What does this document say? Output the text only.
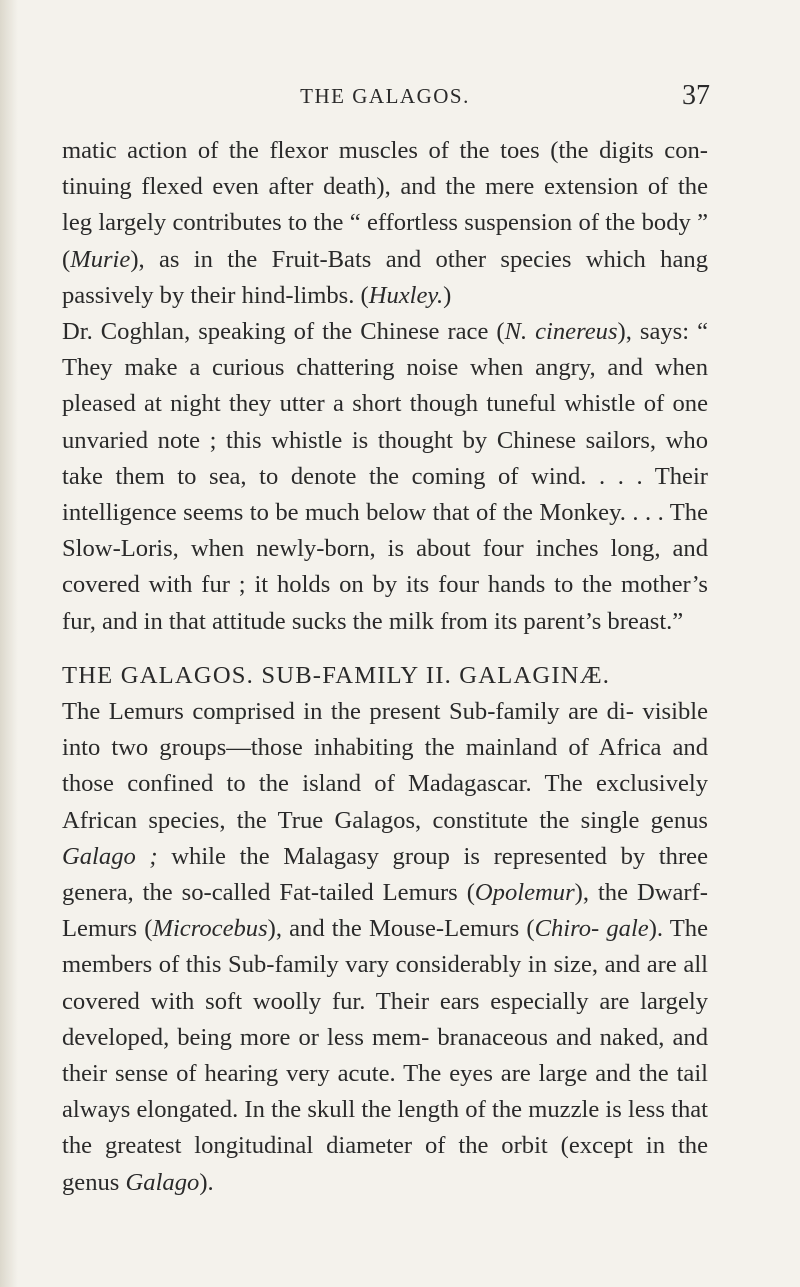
THE GALAGOS.	37

matic action of the flexor muscles of the toes (the digits con- tinuing flexed even after death), and the mere extension of the leg largely contributes to the “ effortless suspension of the body ” (Murie), as in the Fruit-Bats and other species which hang passively by their hind-limbs. (Huxley.)

Dr. Coghlan, speaking of the Chinese race (N. cinereus), says: “ They make a curious chattering noise when angry, and when pleased at night they utter a short though tuneful whistle of one unvaried note ; this whistle is thought by Chinese sailors, who take them to sea, to denote the coming of wind. . . . Their intelligence seems to be much below that of the Monkey. . . . The Slow-Loris, when newly-born, is about four inches long, and covered with fur ; it holds on by its four hands to the mother’s fur, and in that attitude sucks the milk from its parent’s breast.”

THE GALAGOS. SUB-FAMILY II. GALAGINÆ.

The Lemurs comprised in the present Sub-family are di- visible into two groups—those inhabiting the mainland of Africa and those confined to the island of Madagascar. The exclusively African species, the True Galagos, constitute the single genus Galago ; while the Malagasy group is represented by three genera, the so-called Fat-tailed Lemurs (Opolemur), the Dwarf-Lemurs (Microcebus), and the Mouse-Lemurs (Chiro- gale). The members of this Sub-family vary considerably in size, and are all covered with soft woolly fur. Their ears especially are largely developed, being more or less mem- branaceous and naked, and their sense of hearing very acute. The eyes are large and the tail always elongated. In the skull the length of the muzzle is less that the greatest longitudinal diameter of the orbit (except in the genus Galago).
